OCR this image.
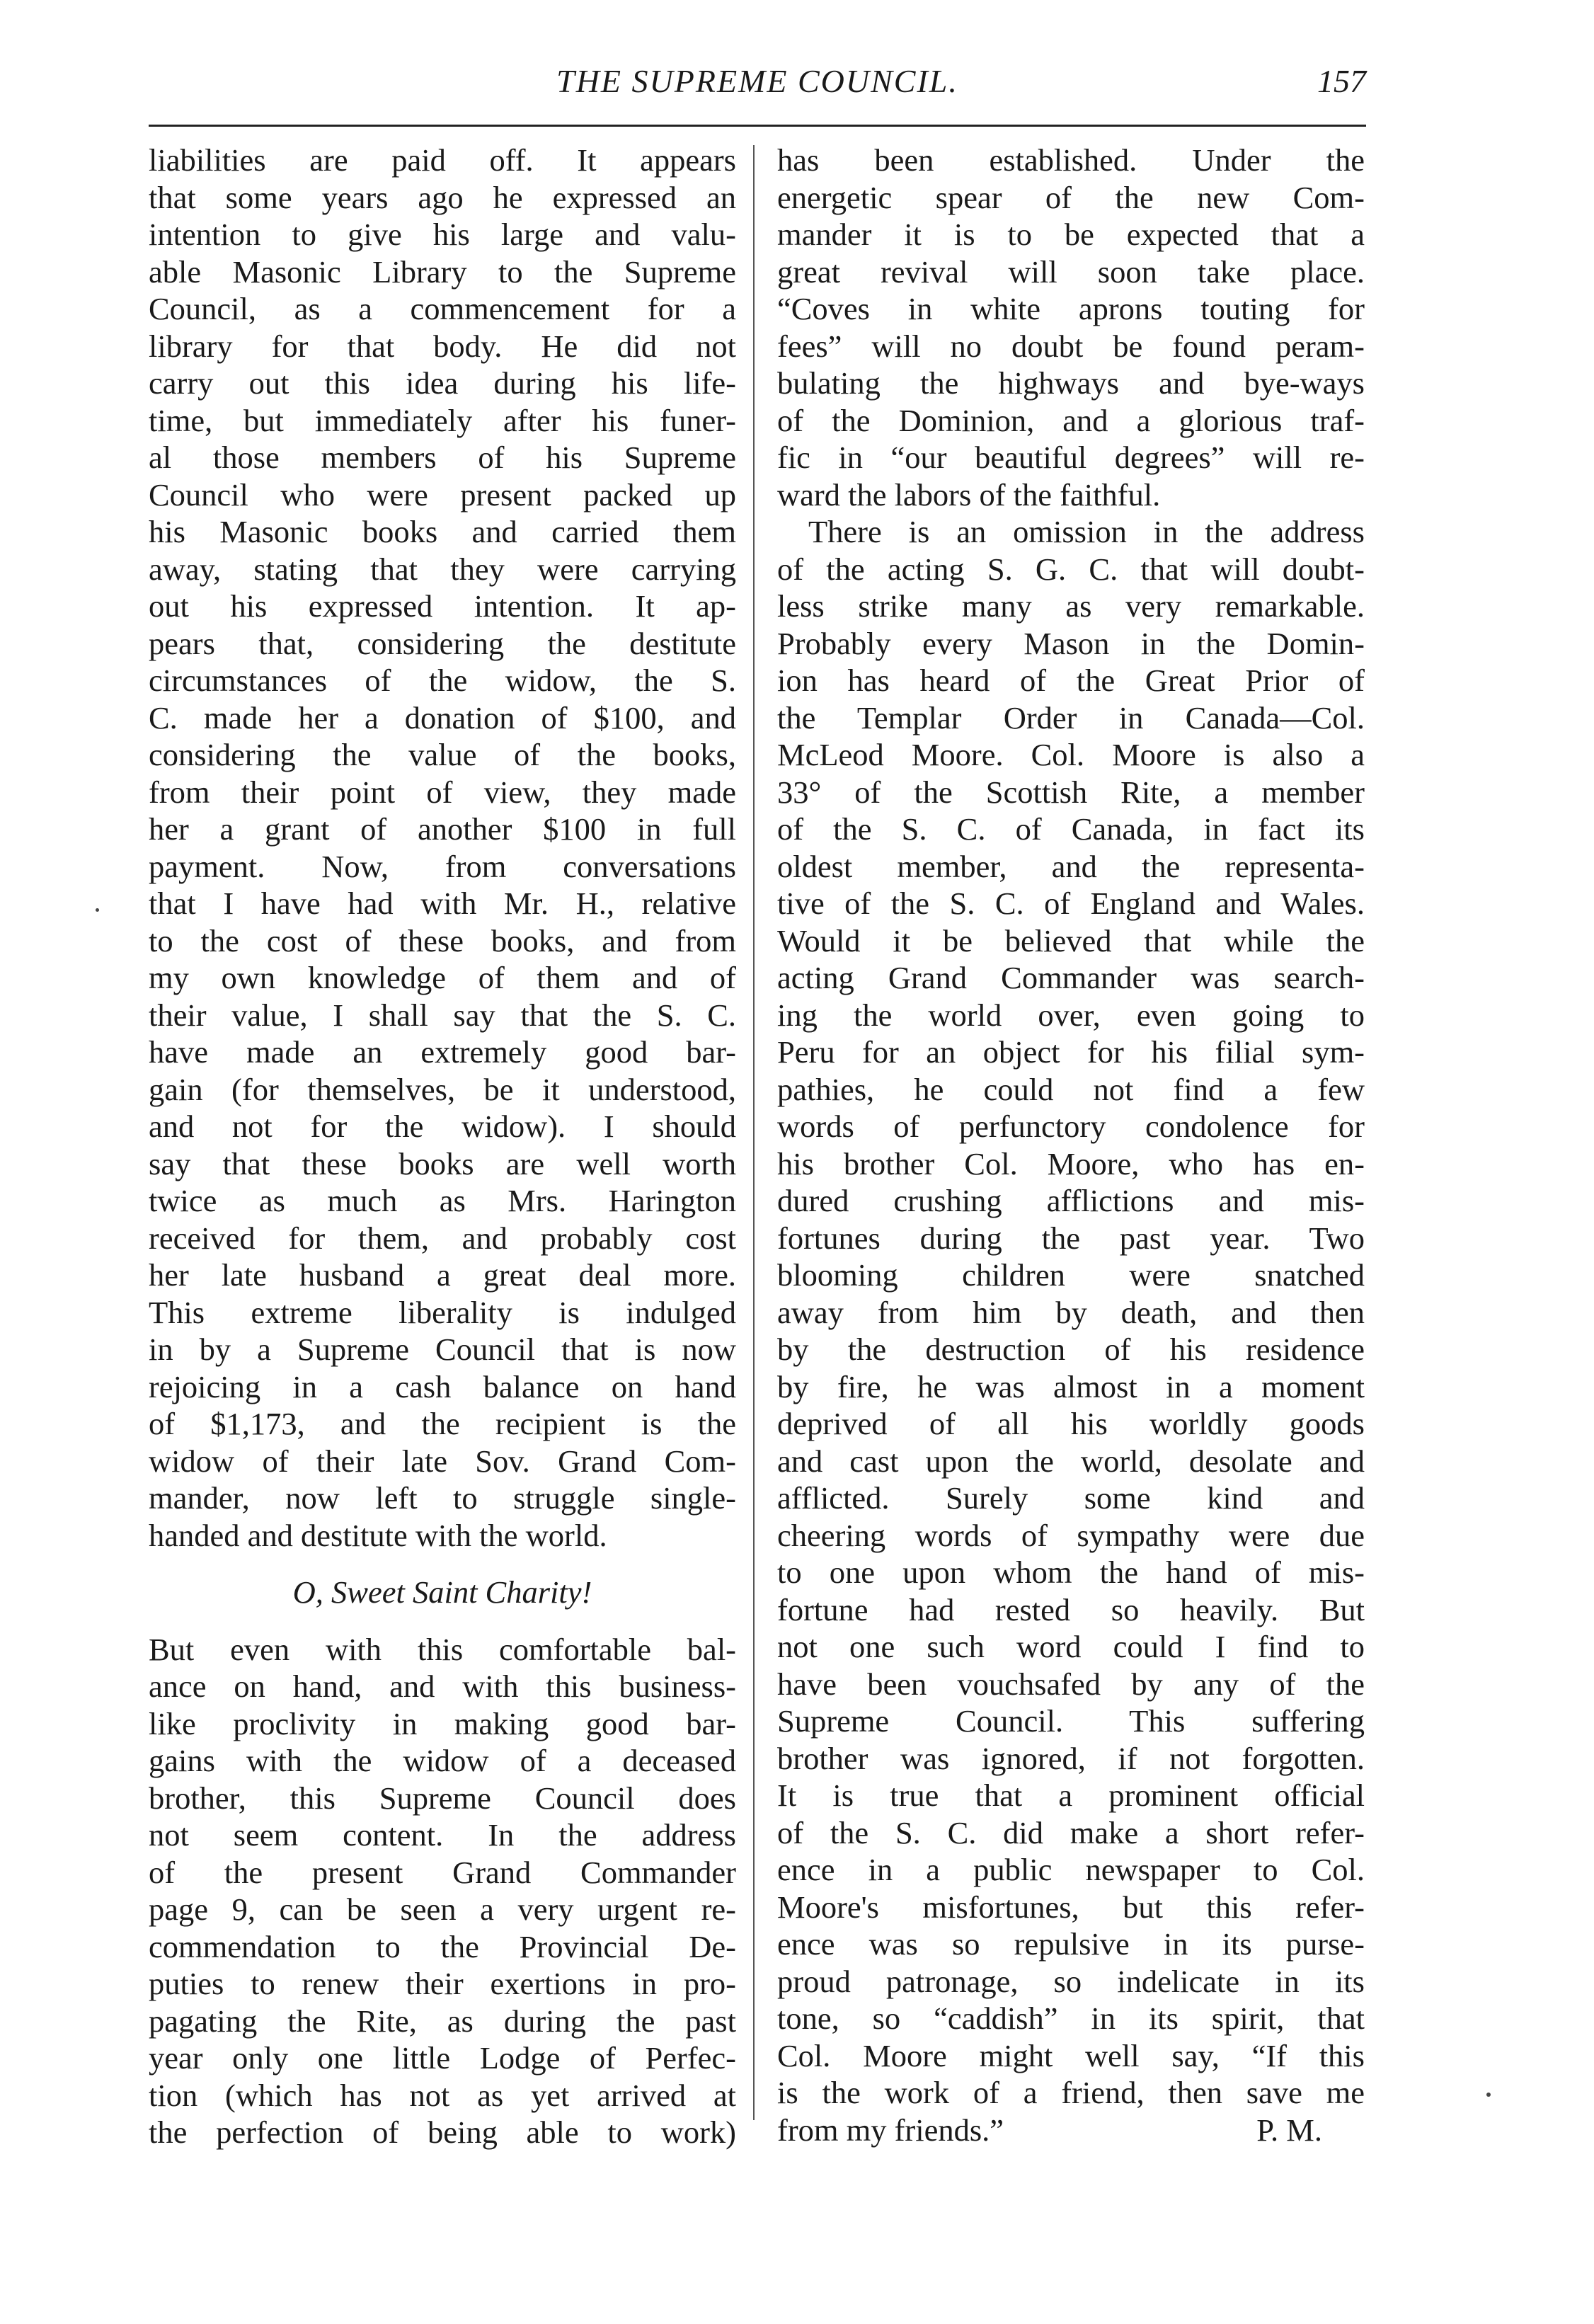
THE SUPREME COUNCIL.	157
liabilities are paid off. It appears
that some years ago he expressed an
intention to give his large and valu-
able Masonic Library to the Supreme
Council, as a commencement for a
library for that body. He did not
carry out this idea during his life-
time, but immediately after his funer-
al those members of his Supreme
Council who were present packed up
his Masonic books and carried them
away, stating that they were carrying
out his expressed intention. It ap-
pears that, considering the destitute
circumstances of the widow, the S.
C. made her a donation of $100, and
considering the value of the books,
from their point of view, they made
her a grant of another $100 in full
payment. Now, from conversations
that I have had with Mr. H., relative
to the cost of these books, and from
my own knowledge of them and of
their value, I shall say that the S. C.
have made an extremely good bar-
gain (for themselves, be it understood,
and not for the widow). I should
say that these books are well worth
twice as much as Mrs. Harington
received for them, and probably cost
her late husband a great deal more.
This extreme liberality is indulged
in by a Supreme Council that is now
rejoicing in a cash balance on hand
of $1,173, and the recipient is the
widow of their late Sov. Grand Com-
mander, now left to struggle single-
handed and destitute with the world.
O, Sweet Saint Charity!
But even with this comfortable bal-
ance on hand, and with this business-
like proclivity in making good bar-
gains with the widow of a deceased
brother, this Supreme Council does
not seem content. In the address
of the present Grand Commander
page 9, can be seen a very urgent re-
commendation to the Provincial De-
puties to renew their exertions in pro-
pagating the Rite, as during the past
year only one little Lodge of Perfec-
tion (which has not as yet arrived at
the perfection of being able to work)
has been established. Under the
energetic spear of the new Com-
mander it is to be expected that a
great revival will soon take place.
“Coves in white aprons touting for
fees” will no doubt be found peram-
bulating the highways and bye-ways
of the Dominion, and a glorious traf-
fic in “our beautiful degrees” will re-
ward the labors of the faithful.
There is an omission in the address
of the acting S. G. C. that will doubt-
less strike many as very remarkable.
Probably every Mason in the Domin-
ion has heard of the Great Prior of
the Templar Order in Canada—Col.
McLeod Moore. Col. Moore is also a
33° of the Scottish Rite, a member
of the S. C. of Canada, in fact its
oldest member, and the representa-
tive of the S. C. of England and Wales.
Would it be believed that while the
acting Grand Commander was search-
ing the world over, even going to
Peru for an object for his filial sym-
pathies, he could not find a few
words of perfunctory condolence for
his brother Col. Moore, who has en-
dured crushing afflictions and mis-
fortunes during the past year. Two
blooming children were snatched
away from him by death, and then
by the destruction of his residence
by fire, he was almost in a moment
deprived of all his worldly goods
and cast upon the world, desolate and
afflicted. Surely some kind and
cheering words of sympathy were due
to one upon whom the hand of mis-
fortune had rested so heavily. But
not one such word could I find to
have been vouchsafed by any of the
Supreme Council. This suffering
brother was ignored, if not forgotten.
It is true that a prominent official
of the S. C. did make a short refer-
ence in a public newspaper to Col.
Moore's misfortunes, but this refer-
ence was so repulsive in its purse-
proud patronage, so indelicate in its
tone, so “caddish” in its spirit, that
Col. Moore might well say, “If this
is the work of a friend, then save me
from my friends.”	P. M.
